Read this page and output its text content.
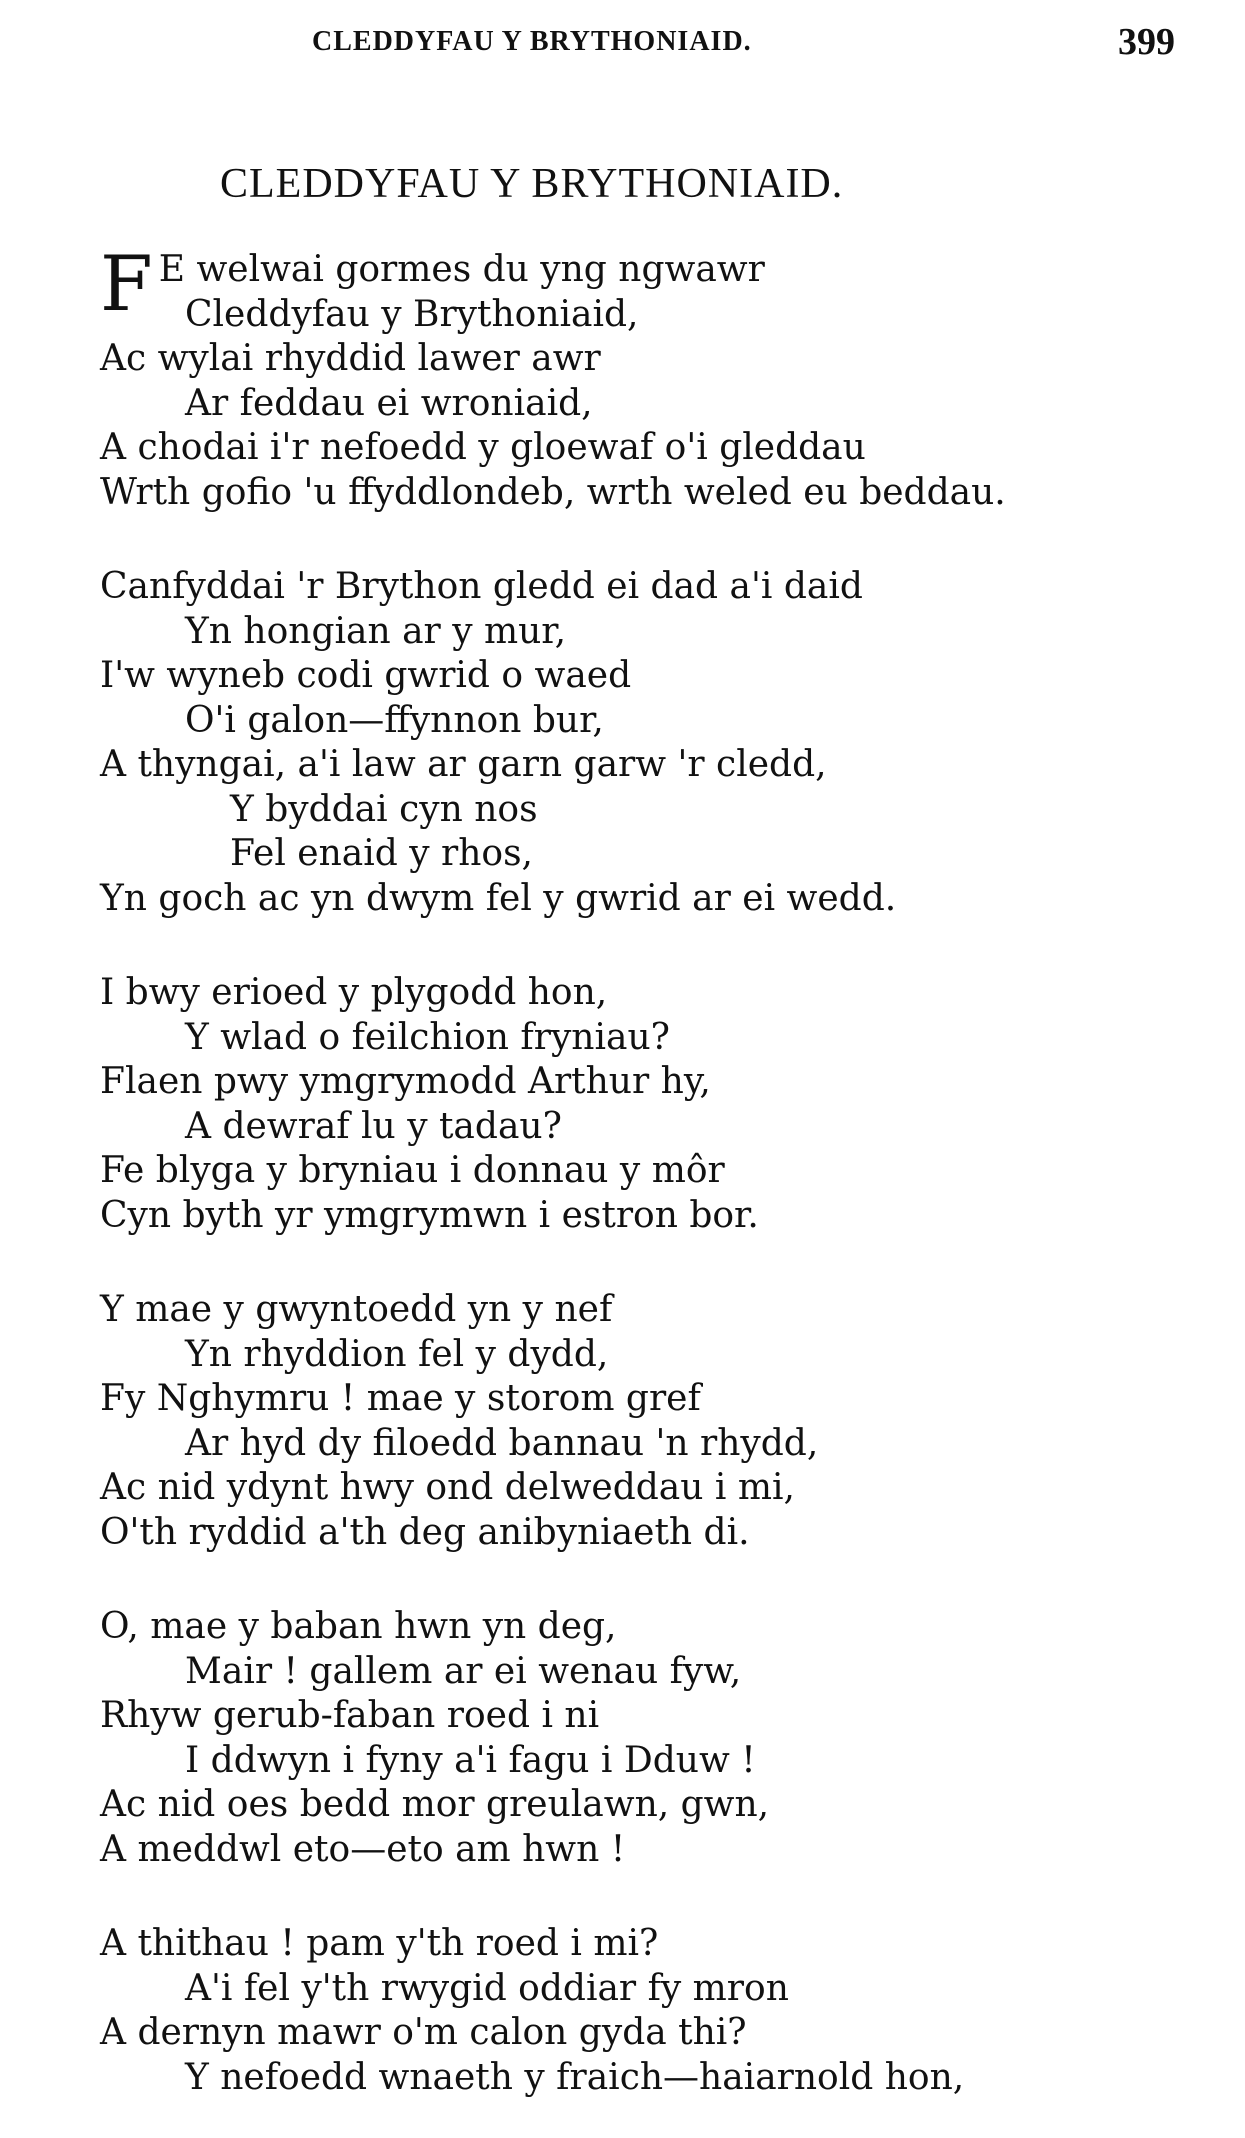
CLEDDYFAU Y BRYTHONIAID.	399
CLEDDYFAU Y BRYTHONIAID.
F E welwai gormes du yng ngwawr
Cleddyfau y Brythoniaid,
Ac wylai rhyddid lawer awr
Ar feddau ei wroniaid,
A chodai i'r nefoedd y gloewaf o'i gleddau
Wrth gofio 'u ffyddlondeb, wrth weled eu beddau.
Canfyddai 'r Brython gledd ei dad a'i daid
Yn hongian ar y mur,
I'w wyneb codi gwrid o waed
O'i galon—ffynnon bur,
A thyngai, a'i law ar garn garw 'r cledd,
Y byddai cyn nos
Fel enaid y rhos,
Yn goch ac yn dwym fel y gwrid ar ei wedd.
I bwy erioed y plygodd hon,
Y wlad o feilchion fryniau?
Flaen pwy ymgrymodd Arthur hy,
A dewraf lu y tadau?
Fe blyga y bryniau i donnau y môr
Cyn byth yr ymgrymwn i estron bor.
Y mae y gwyntoedd yn y nef
Yn rhyddion fel y dydd,
Fy Nghymru ! mae y storom gref
Ar hyd dy filoedd bannau 'n rhydd,
Ac nid ydynt hwy ond delweddau i mi,
O'th ryddid a'th deg anibyniaeth di.
O, mae y baban hwn yn deg,
Mair ! gallem ar ei wenau fyw,
Rhyw gerub-faban roed i ni
I ddwyn i fyny a'i fagu i Dduw !
Ac nid oes bedd mor greulawn, gwn,
A meddwl eto—eto am hwn !
A thithau ! pam y'th roed i mi?
A'i fel y'th rwygid oddiar fy mron
A dernyn mawr o'm calon gyda thi?
Y nefoedd wnaeth y fraich—haiarnold hon,
